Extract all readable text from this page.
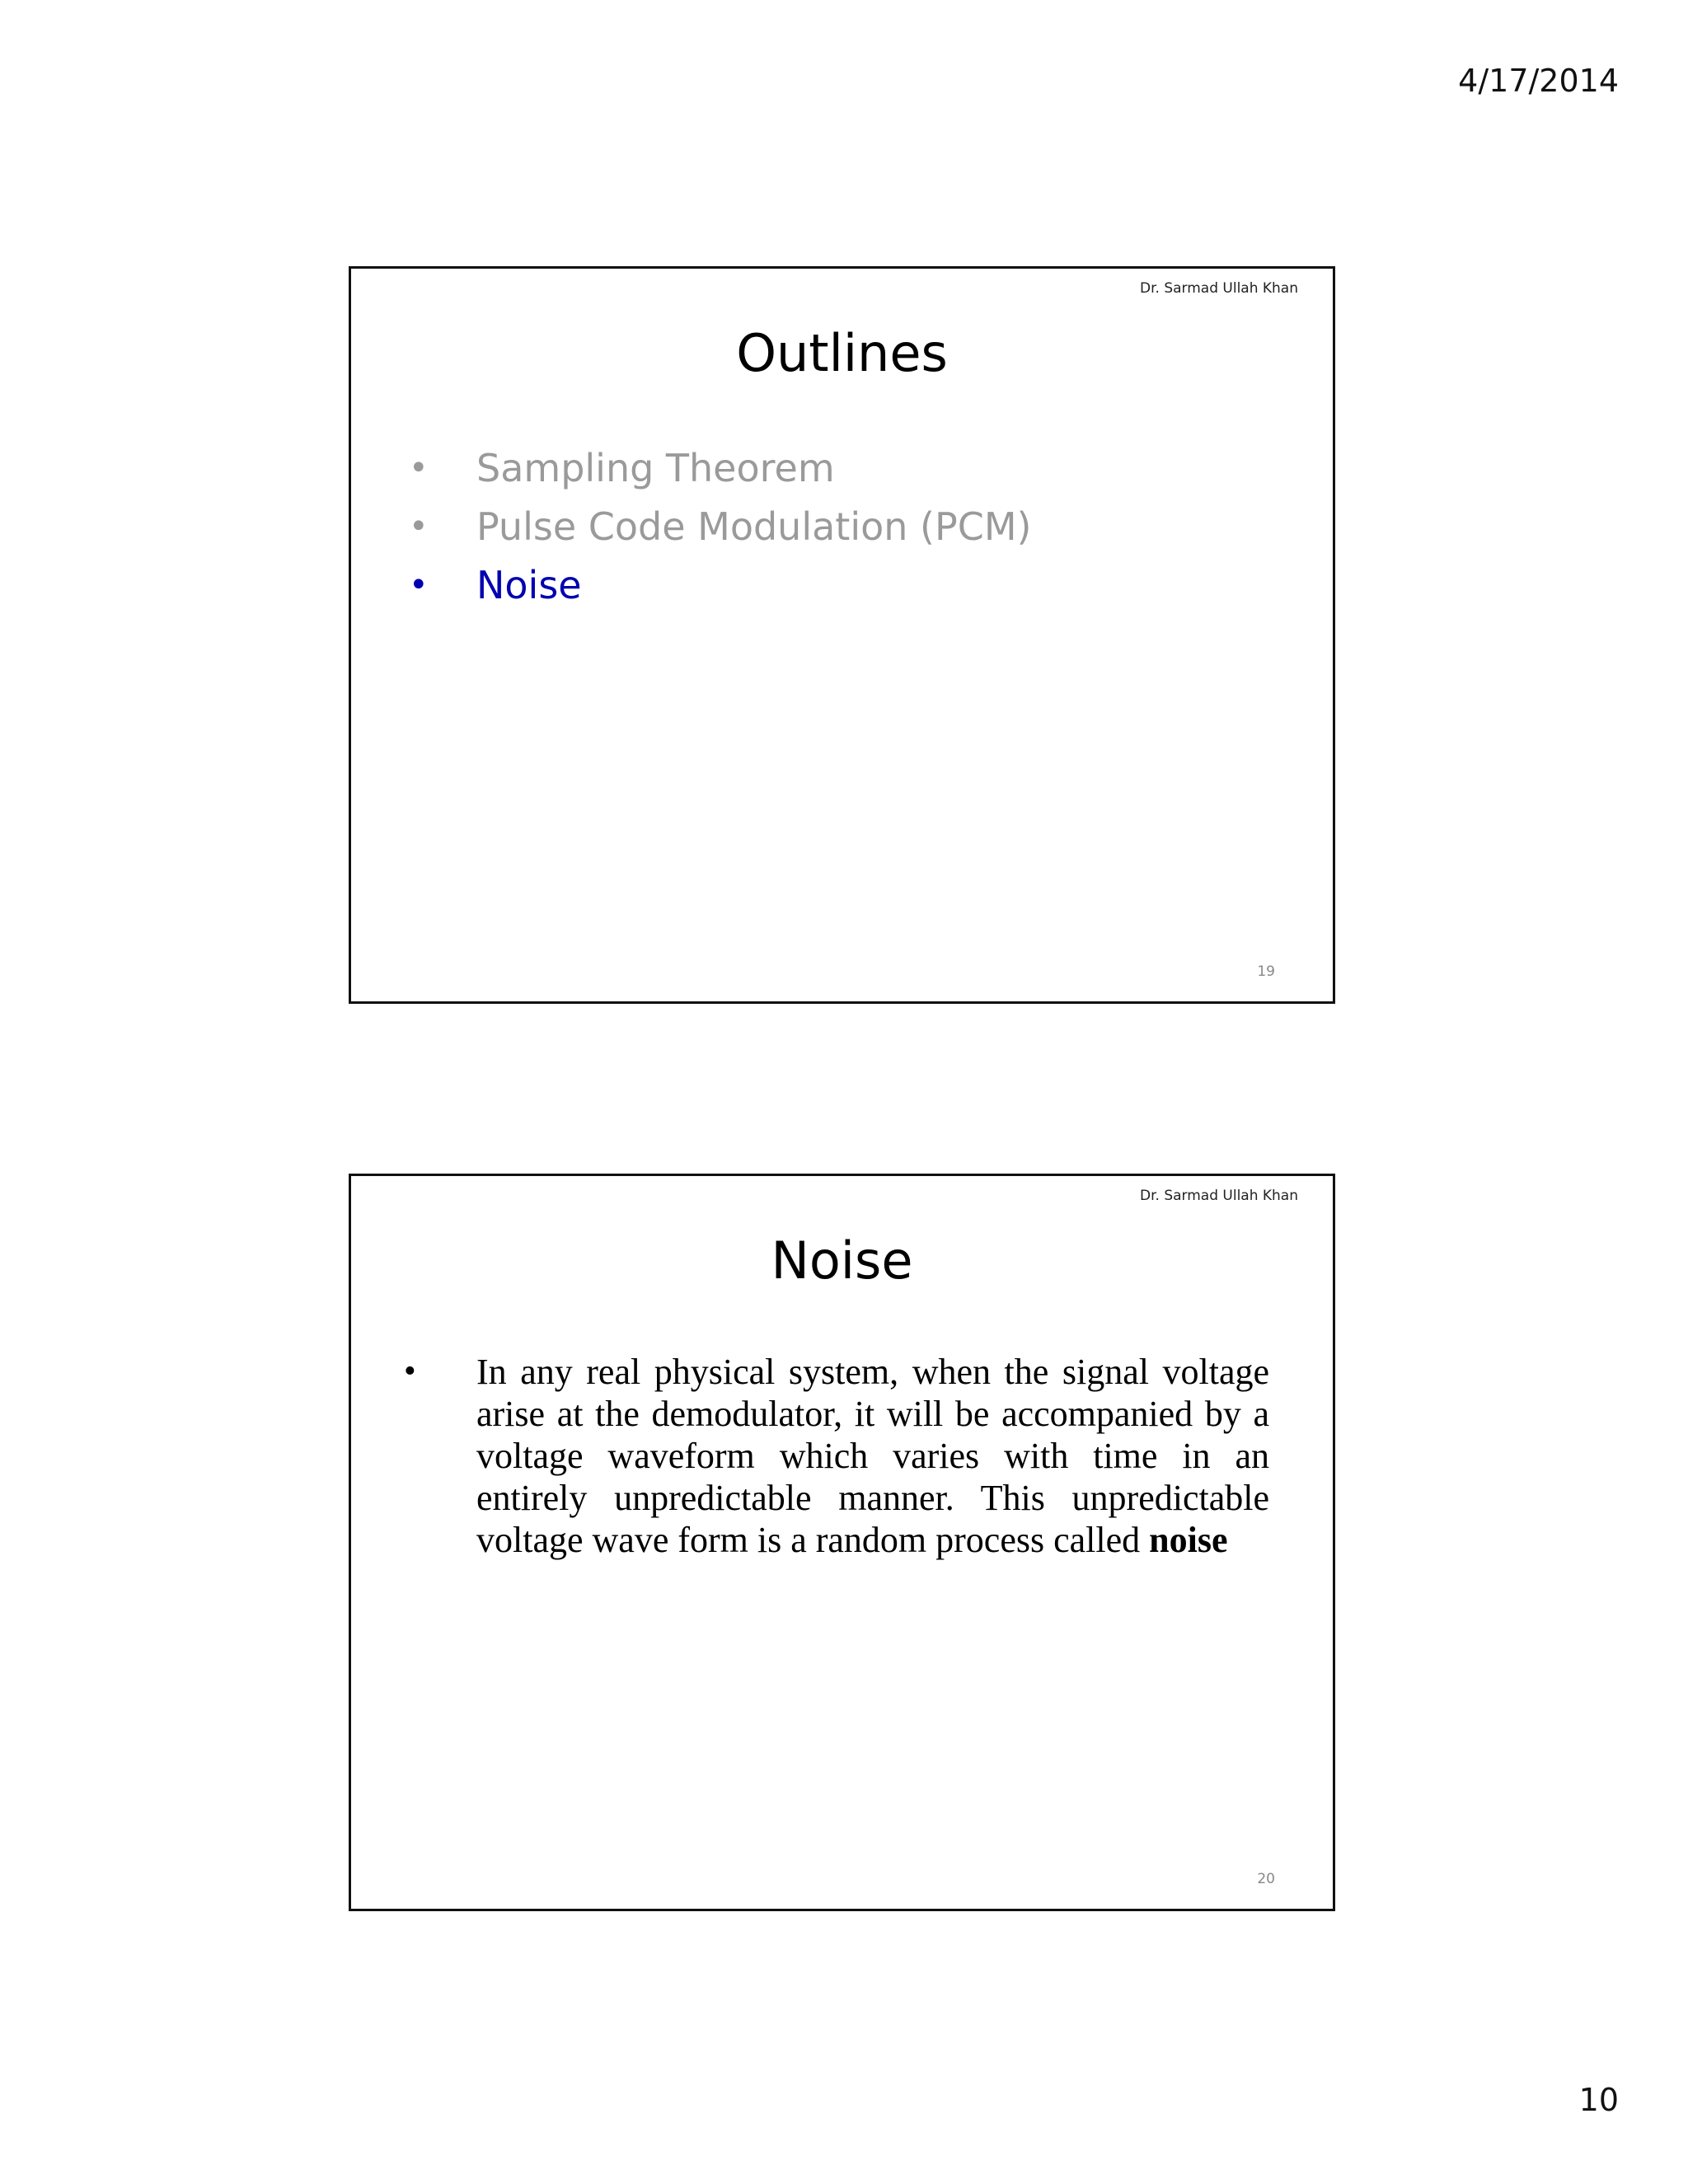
4/17/2014
Dr. Sarmad Ullah Khan
Outlines
•	Sampling Theorem
•	Pulse Code Modulation (PCM)
•	Noise
19
Dr. Sarmad Ullah Khan
Noise
•	In any real physical system, when the signal voltage arise at the demodulator, it will be accompanied by a voltage waveform which varies with time in an entirely unpredictable manner. This unpredictable voltage wave form is a random process called noise
20
10
